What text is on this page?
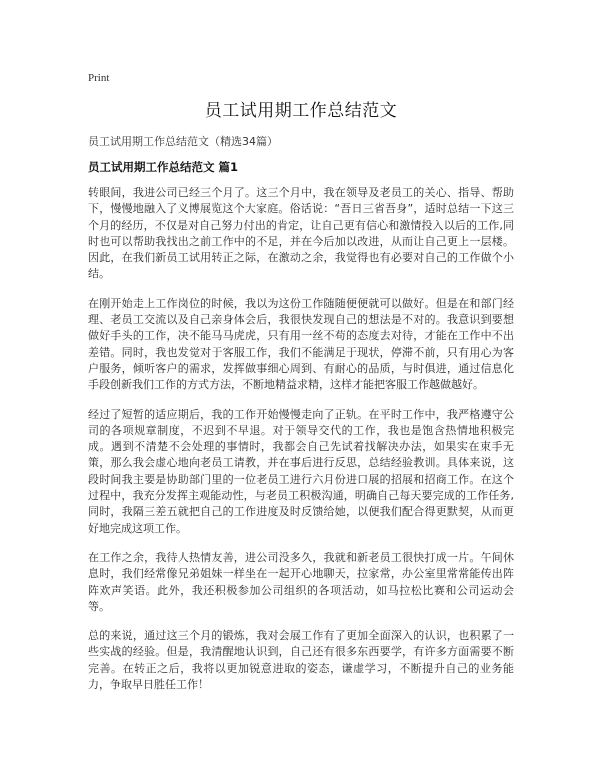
Print
员工试用期工作总结范文
员工试用期工作总结范文（精选34篇）
员工试用期工作总结范文 篇1

转眼间，我进公司已经三个月了。这三个月中，我在领导及老员工的关心、指导、帮助下，慢慢地融入了义博展览这个大家庭。俗话说：“吾日三省吾身”，适时总结一下这三个月的经历，不仅是对自己努力付出的肯定，让自己更有信心和激情投入以后的工作,同时也可以帮助我找出之前工作中的不足，并在今后加以改进，从而让自己更上一层楼。因此，在我们新员工试用转正之际，在激动之余，我觉得也有必要对自己的工作做个小结。

在刚开始走上工作岗位的时候，我以为这份工作随随便便就可以做好。但是在和部门经理、老员工交流以及自己亲身体会后，我很快发现自己的想法是不对的。我意识到要想做好手头的工作，决不能马马虎虎，只有用一丝不苟的态度去对待，才能在工作中不出差错。同时，我也发觉对于客服工作，我们不能满足于现状，停滞不前，只有用心为客户服务，倾听客户的需求，发挥做事细心周到、有耐心的品质，与时俱进，通过信息化手段创新我们工作的方式方法，不断地精益求精，这样才能把客服工作越做越好。

经过了短暂的适应期后，我的工作开始慢慢走向了正轨。在平时工作中，我严格遵守公司的各项规章制度，不迟到不早退。对于领导交代的工作，我也是饱含热情地积极完成。遇到不清楚不会处理的事情时，我都会自己先试着找解决办法，如果实在束手无策，那么我会虚心地向老员工请教，并在事后进行反思，总结经验教训。具体来说，这段时间我主要是协助部门里的一位老员工进行六月份进口展的招展和招商工作。在这个过程中，我充分发挥主观能动性，与老员工积极沟通，明确自己每天要完成的工作任务,同时，我隔三差五就把自己的工作进度及时反馈给她，以便我们配合得更默契，从而更好地完成这项工作。

在工作之余，我待人热情友善，进公司没多久，我就和新老员工很快打成一片。午间休息时，我们经常像兄弟姐妹一样坐在一起开心地聊天，拉家常，办公室里常常能传出阵阵欢声笑语。此外，我还积极参加公司组织的各项活动，如马拉松比赛和公司运动会等。

总的来说，通过这三个月的锻炼，我对会展工作有了更加全面深入的认识，也积累了一些实战的经验。但是，我清醒地认识到，自己还有很多东西要学，有许多方面需要不断完善。在转正之后，我将以更加锐意进取的姿态，谦虚学习，不断提升自己的业务能力，争取早日胜任工作！
